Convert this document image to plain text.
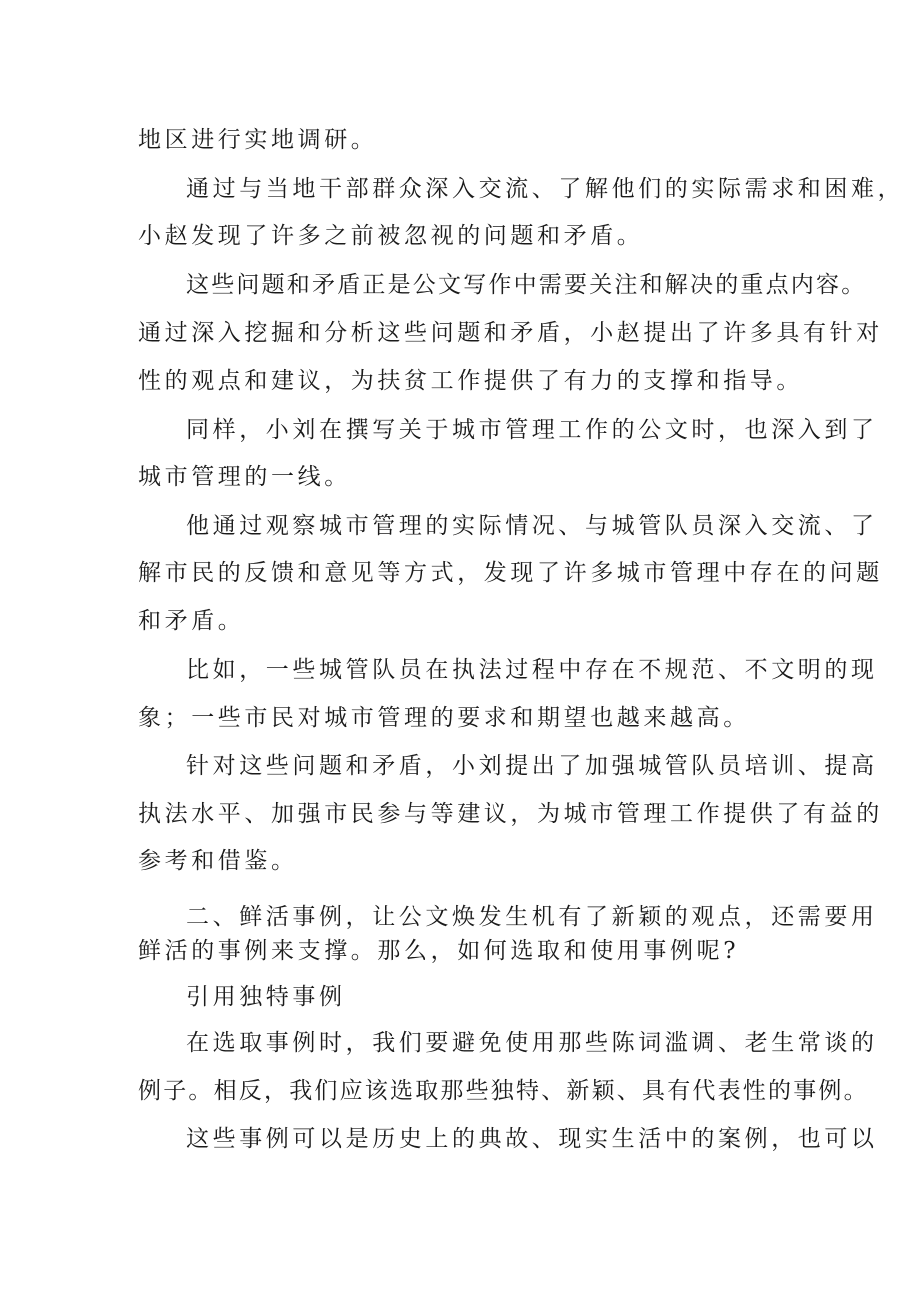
地区进行实地调研。
通过与当地干部群众深入交流、了解他们的实际需求和困难，
小赵发现了许多之前被忽视的问题和矛盾。
这些问题和矛盾正是公文写作中需要关注和解决的重点内容。
通过深入挖掘和分析这些问题和矛盾，小赵提出了许多具有针对
性的观点和建议，为扶贫工作提供了有力的支撑和指导。
同样，小刘在撰写关于城市管理工作的公文时，也深入到了
城市管理的一线。
他通过观察城市管理的实际情况、与城管队员深入交流、了
解市民的反馈和意见等方式，发现了许多城市管理中存在的问题
和矛盾。
比如，一些城管队员在执法过程中存在不规范、不文明的现
象；一些市民对城市管理的要求和期望也越来越高。
针对这些问题和矛盾，小刘提出了加强城管队员培训、提高
执法水平、加强市民参与等建议，为城市管理工作提供了有益的
参考和借鉴。
二、鲜活事例，让公文焕发生机有了新颖的观点，还需要用
鲜活的事例来支撑。那么，如何选取和使用事例呢?
引用独特事例
在选取事例时，我们要避免使用那些陈词滥调、老生常谈的
例子。相反，我们应该选取那些独特、新颖、具有代表性的事例。
这些事例可以是历史上的典故、现实生活中的案例，也可以
